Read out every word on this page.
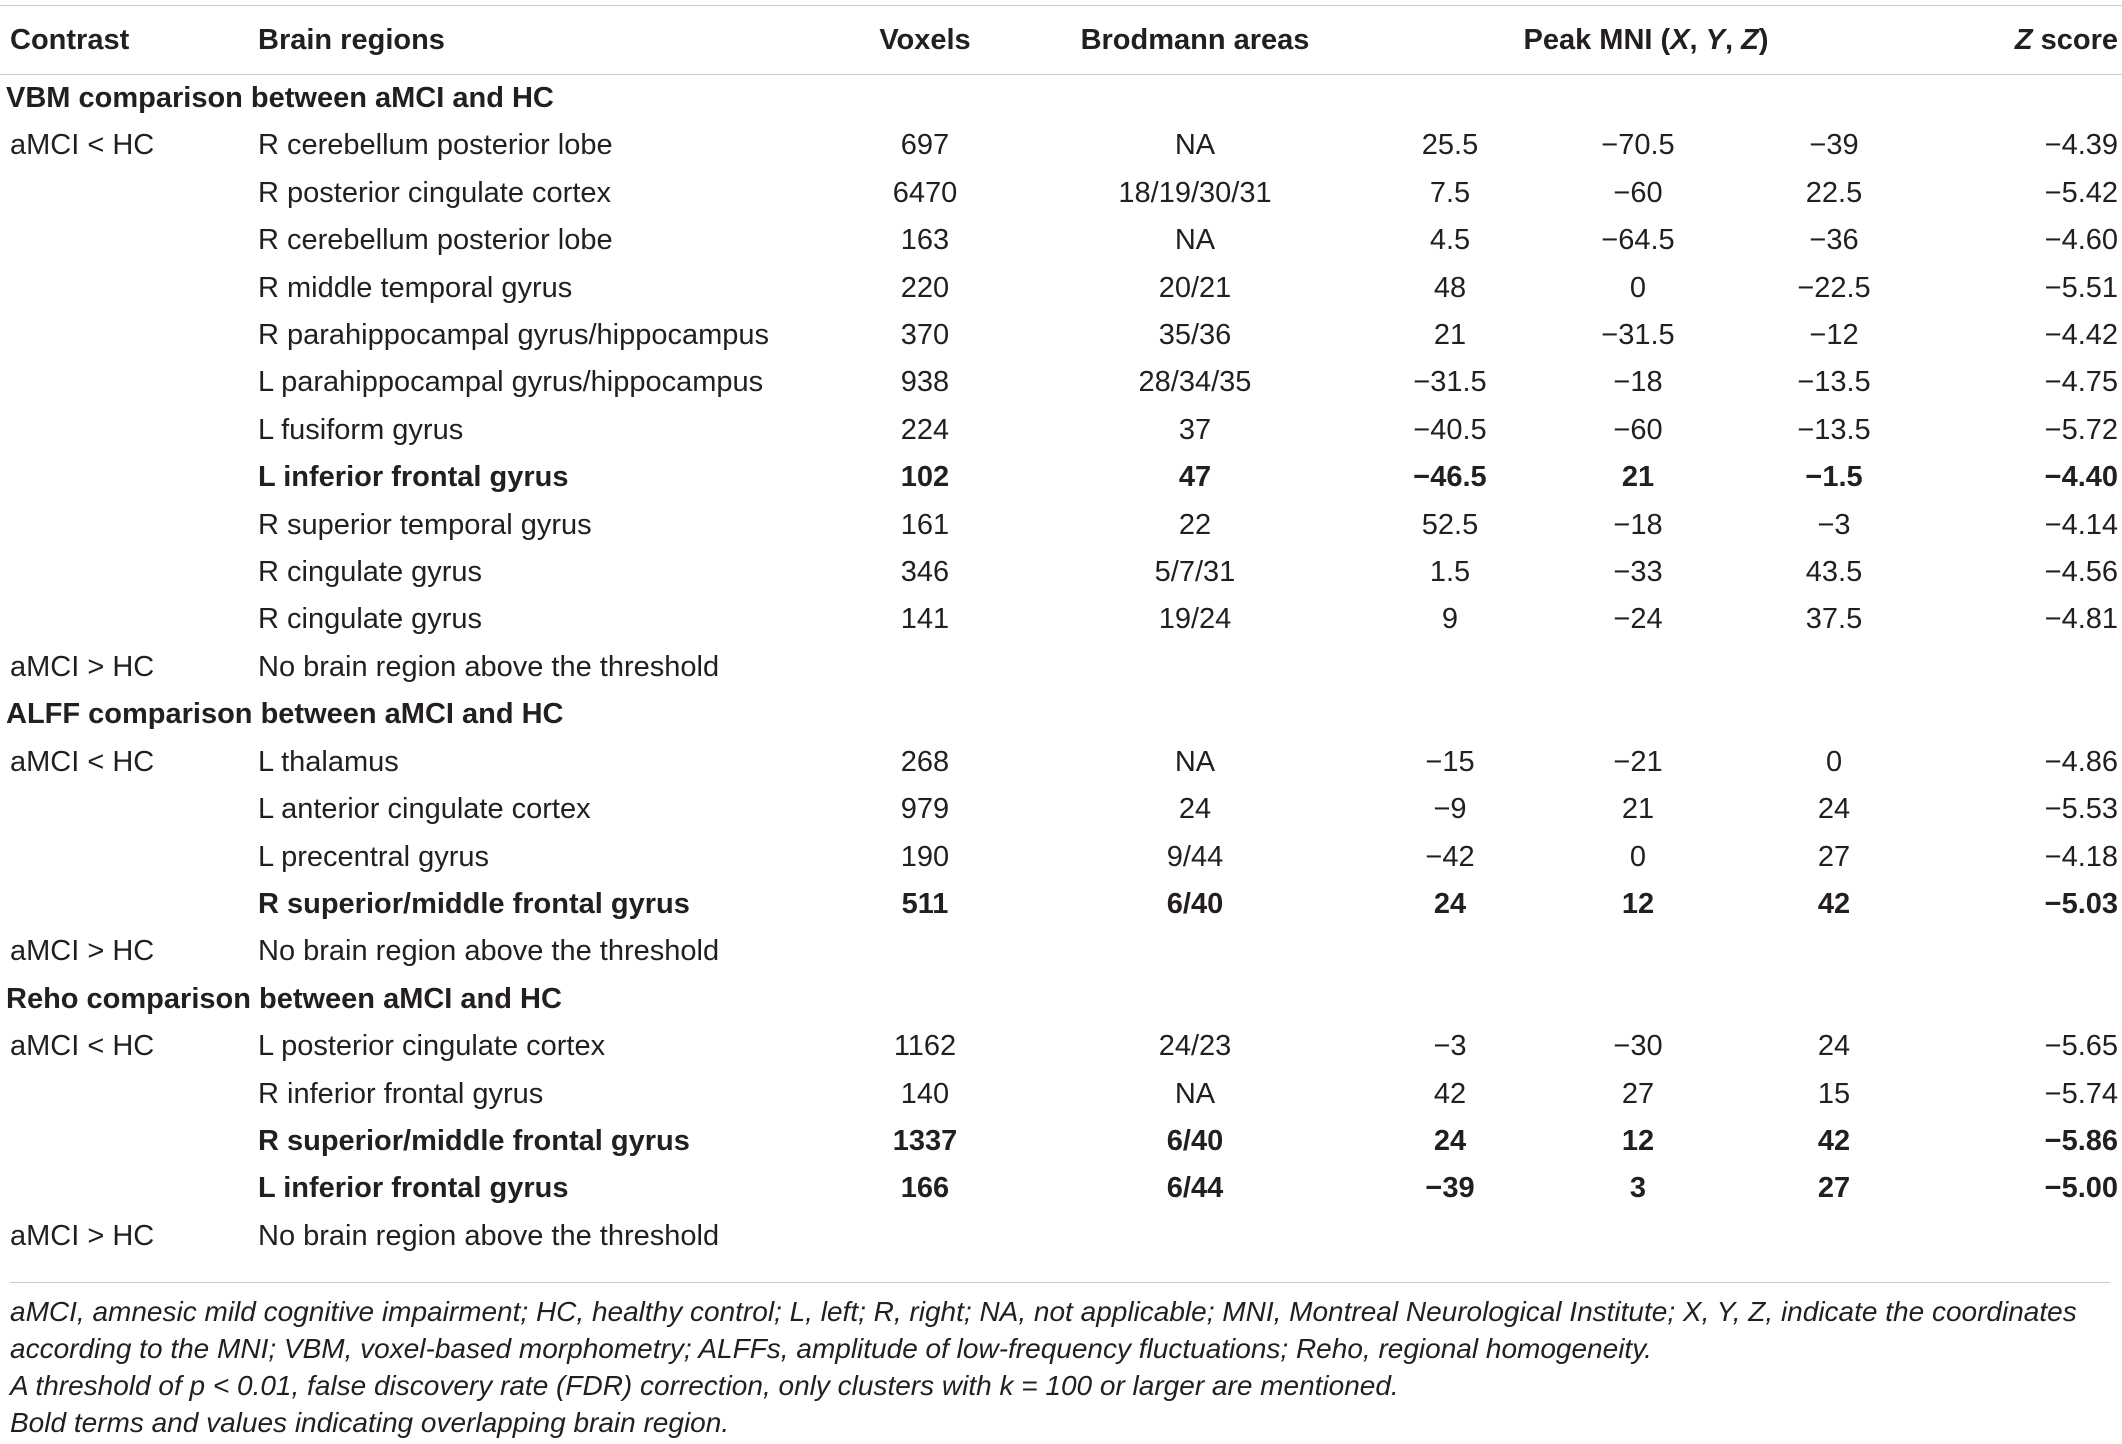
Contrast	Brain regions	Voxels	Brodmann areas	Peak MNI (X, Y, Z)			Z score
VBM comparison between aMCI and HC							
aMCI < HC	R cerebellum posterior lobe	697	NA	25.5	−70.5	−39	−4.39
	R posterior cingulate cortex	6470	18/19/30/31	7.5	−60	22.5	−5.42
	R cerebellum posterior lobe	163	NA	4.5	−64.5	−36	−4.60
	R middle temporal gyrus	220	20/21	48	0	−22.5	−5.51
	R parahippocampal gyrus/hippocampus	370	35/36	21	−31.5	−12	−4.42
	L parahippocampal gyrus/hippocampus	938	28/34/35	−31.5	−18	−13.5	−4.75
	L fusiform gyrus	224	37	−40.5	−60	−13.5	−5.72
	L inferior frontal gyrus	102	47	−46.5	21	−1.5	−4.40
	R superior temporal gyrus	161	22	52.5	−18	−3	−4.14
	R cingulate gyrus	346	5/7/31	1.5	−33	43.5	−4.56
	R cingulate gyrus	141	19/24	9	−24	37.5	−4.81
aMCI > HC	No brain region above the threshold						
ALFF comparison between aMCI and HC							
aMCI < HC	L thalamus	268	NA	−15	−21	0	−4.86
	L anterior cingulate cortex	979	24	−9	21	24	−5.53
	L precentral gyrus	190	9/44	−42	0	27	−4.18
	R superior/middle frontal gyrus	511	6/40	24	12	42	−5.03
aMCI > HC	No brain region above the threshold						
Reho comparison between aMCI and HC							
aMCI < HC	L posterior cingulate cortex	1162	24/23	−3	−30	24	−5.65
	R inferior frontal gyrus	140	NA	42	27	15	−5.74
	R superior/middle frontal gyrus	1337	6/40	24	12	42	−5.86
	L inferior frontal gyrus	166	6/44	−39	3	27	−5.00
aMCI > HC	No brain region above the threshold						

aMCI, amnesic mild cognitive impairment; HC, healthy control; L, left; R, right; NA, not applicable; MNI, Montreal Neurological Institute; X, Y, Z, indicate the coordinates according to the MNI; VBM, voxel-based morphometry; ALFFs, amplitude of low-frequency fluctuations; Reho, regional homogeneity.

A threshold of p < 0.01, false discovery rate (FDR) correction, only clusters with k = 100 or larger are mentioned.

Bold terms and values indicating overlapping brain region.
